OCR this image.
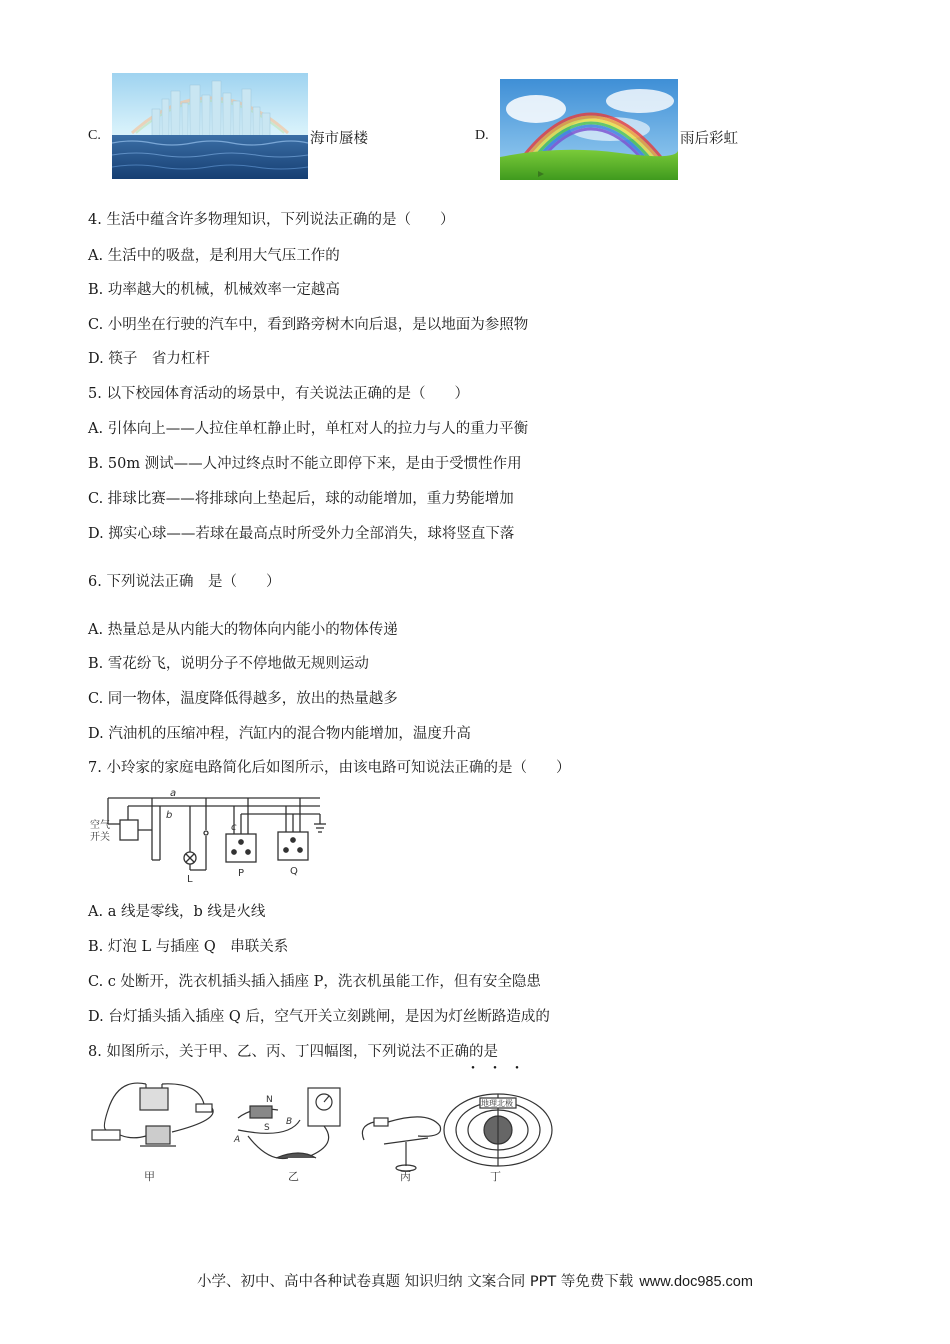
C.	海市蜃楼	D.	雨后彩虹
4. 生活中蕴含许多物理知识，下列说法正确的是（　　）
A. 生活中的吸盘，是利用大气压工作的
B. 功率越大的机械，机械效率一定越高
C. 小明坐在行驶的汽车中，看到路旁树木向后退，是以地面为参照物
D. 筷子　省力杠杆
5. 以下校园体育活动的场景中，有关说法正确的是（　　）
A. 引体向上——人拉住单杠静止时，单杠对人的拉力与人的重力平衡
B. 50m 测试——人冲过终点时不能立即停下来，是由于受惯性作用
C. 排球比赛——将排球向上垫起后，球的动能增加，重力势能增加
D. 掷实心球——若球在最高点时所受外力全部消失，球将竖直下落
6. 下列说法正确　是（　　）
A. 热量总是从内能大的物体向内能小的物体传递
B. 雪花纷飞，说明分子不停地做无规则运动
C. 同一物体，温度降低得越多，放出的热量越多
D. 汽油机的压缩冲程，汽缸内的混合物内能增加，温度升高
7. 小玲家的家庭电路简化后如图所示，由该电路可知说法正确的是（　　）
空气
开关
a
b
c
L
P	Q
A. a 线是零线，b 线是火线
B. 灯泡 L 与插座 Q　串联关系
C. c 处断开，洗衣机插头插入插座 P，洗衣机虽能工作，但有安全隐患
D. 台灯插头插入插座 Q 后，空气开关立刻跳闸，是因为灯丝断路造成的
8. 如图所示，关于甲、乙、丙、丁四幅图，下列说法不正确的是
・・・
N
S
A
B
地理北极
甲	乙	丙	丁
小学、初中、高中各种试卷真题 知识归纳 文案合同 PPT 等免费下载 www.doc985.com
